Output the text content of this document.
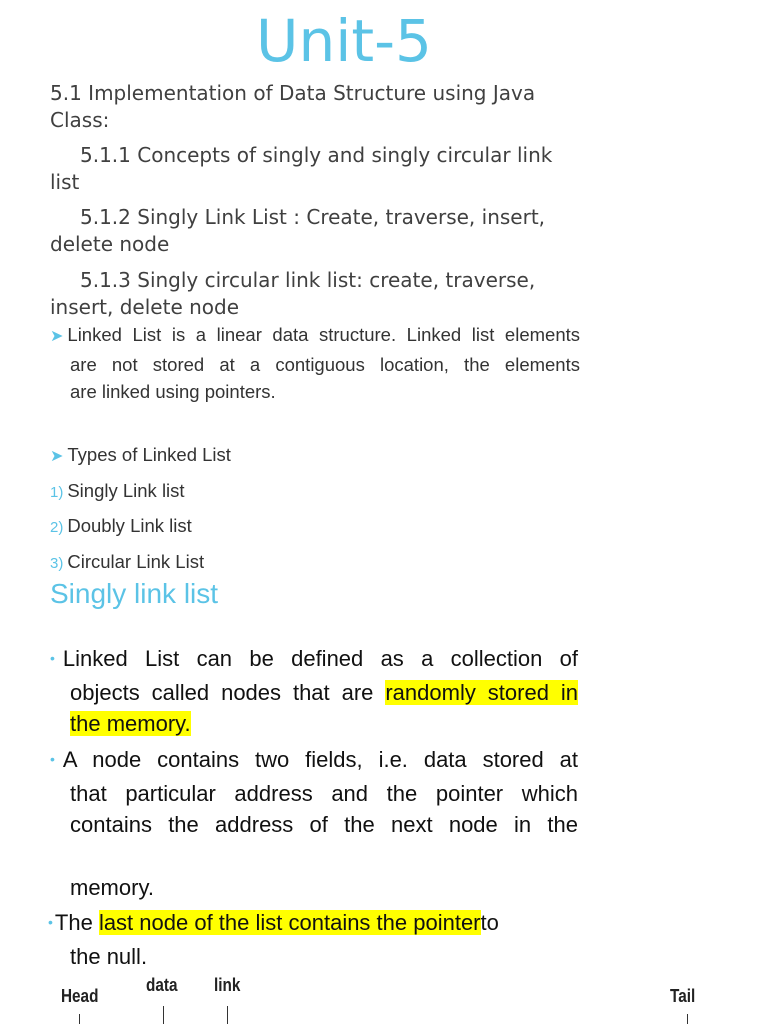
Unit-5
5.1 Implementation of Data Structure using Java
Class:
5.1.1 Concepts of singly and singly circular link
list
5.1.2 Singly Link List : Create, traverse, insert,
delete node
5.1.3 Singly circular link list: create, traverse,
insert, delete node
➤ Linked List is a linear data structure. Linked list elements
are not stored at a contiguous location, the elements
are linked using pointers.
➤ Types of Linked List
1) Singly Link list
2) Doubly Link list
3) Circular Link List
Singly link list
• Linked List can be defined as a collection of
objects called nodes that are randomly stored in
the memory.
• A node contains two fields, i.e. data stored at
that particular address and the pointer which
contains the address of the next node in the
memory.
•The last node of the list contains the pointerto
the null.
Head
data link
Tail
